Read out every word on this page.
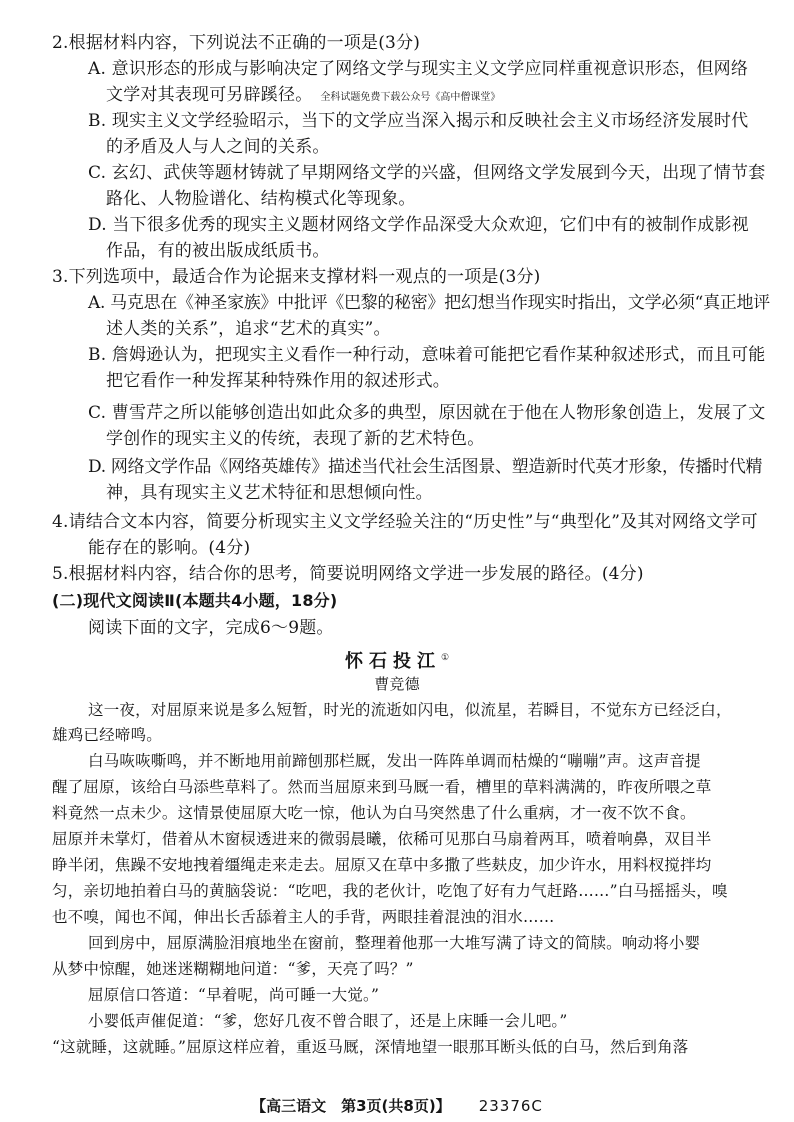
2.根据材料内容，下列说法不正确的一项是(3分)
A. 意识形态的形成与影响决定了网络文学与现实主义文学应同样重视意识形态，但网络
文学对其表现可另辟蹊径。 全科试题免费下载公众号《高中僧课堂》
B. 现实主义文学经验昭示，当下的文学应当深入揭示和反映社会主义市场经济发展时代
的矛盾及人与人之间的关系。
C. 玄幻、武侠等题材铸就了早期网络文学的兴盛，但网络文学发展到今天，出现了情节套
路化、人物脸谱化、结构模式化等现象。
D. 当下很多优秀的现实主义题材网络文学作品深受大众欢迎，它们中有的被制作成影视
作品，有的被出版成纸质书。
3.下列选项中，最适合作为论据来支撑材料一观点的一项是(3分)
A. 马克思在《神圣家族》中批评《巴黎的秘密》把幻想当作现实时指出，文学必须“真正地评
述人类的关系”，追求“艺术的真实”。
B. 詹姆逊认为，把现实主义看作一种行动，意味着可能把它看作某种叙述形式，而且可能
把它看作一种发挥某种特殊作用的叙述形式。
C. 曹雪芹之所以能够创造出如此众多的典型，原因就在于他在人物形象创造上，发展了文
学创作的现实主义的传统，表现了新的艺术特色。
D. 网络文学作品《网络英雄传》描述当代社会生活图景、塑造新时代英才形象，传播时代精
神，具有现实主义艺术特征和思想倾向性。
4.请结合文本内容，简要分析现实主义文学经验关注的“历史性”与“典型化”及其对网络文学可
能存在的影响。(4分)
5.根据材料内容，结合你的思考，简要说明网络文学进一步发展的路径。(4分)
(二)现代文阅读Ⅱ(本题共4小题，18分)
阅读下面的文字，完成6～9题。
怀石投江①
曹竞德
这一夜，对屈原来说是多么短暂，时光的流逝如闪电，似流星，若瞬目，不觉东方已经泛白，
雄鸡已经啼鸣。
白马咴咴嘶鸣，并不断地用前蹄刨那栏厩，发出一阵阵单调而枯燥的“嘣嘣”声。这声音提
醒了屈原，该给白马添些草料了。然而当屈原来到马厩一看，槽里的草料满满的，昨夜所喂之草
料竟然一点未少。这情景使屈原大吃一惊，他认为白马突然患了什么重病，才一夜不饮不食。
屈原并未掌灯，借着从木窗棂透进来的微弱晨曦，依稀可见那白马扇着两耳，喷着响鼻，双目半
睁半闭，焦躁不安地拽着缰绳走来走去。屈原又在草中多撒了些麸皮，加少许水，用料杈搅拌均
匀，亲切地拍着白马的黄脑袋说：“吃吧，我的老伙计，吃饱了好有力气赶路……”白马摇摇头，嗅
也不嗅，闻也不闻，伸出长舌舔着主人的手背，两眼挂着混浊的泪水……
回到房中，屈原满脸泪痕地坐在窗前，整理着他那一大堆写满了诗文的简牍。响动将小婴
从梦中惊醒，她迷迷糊糊地问道：“爹，天亮了吗？”
屈原信口答道：“早着呢，尚可睡一大觉。”
小婴低声催促道：“爹，您好几夜不曾合眼了，还是上床睡一会儿吧。”
“这就睡，这就睡。”屈原这样应着，重返马厩，深情地望一眼那耳断头低的白马，然后到角落
【高三语文　第3页(共8页)】 23376C
